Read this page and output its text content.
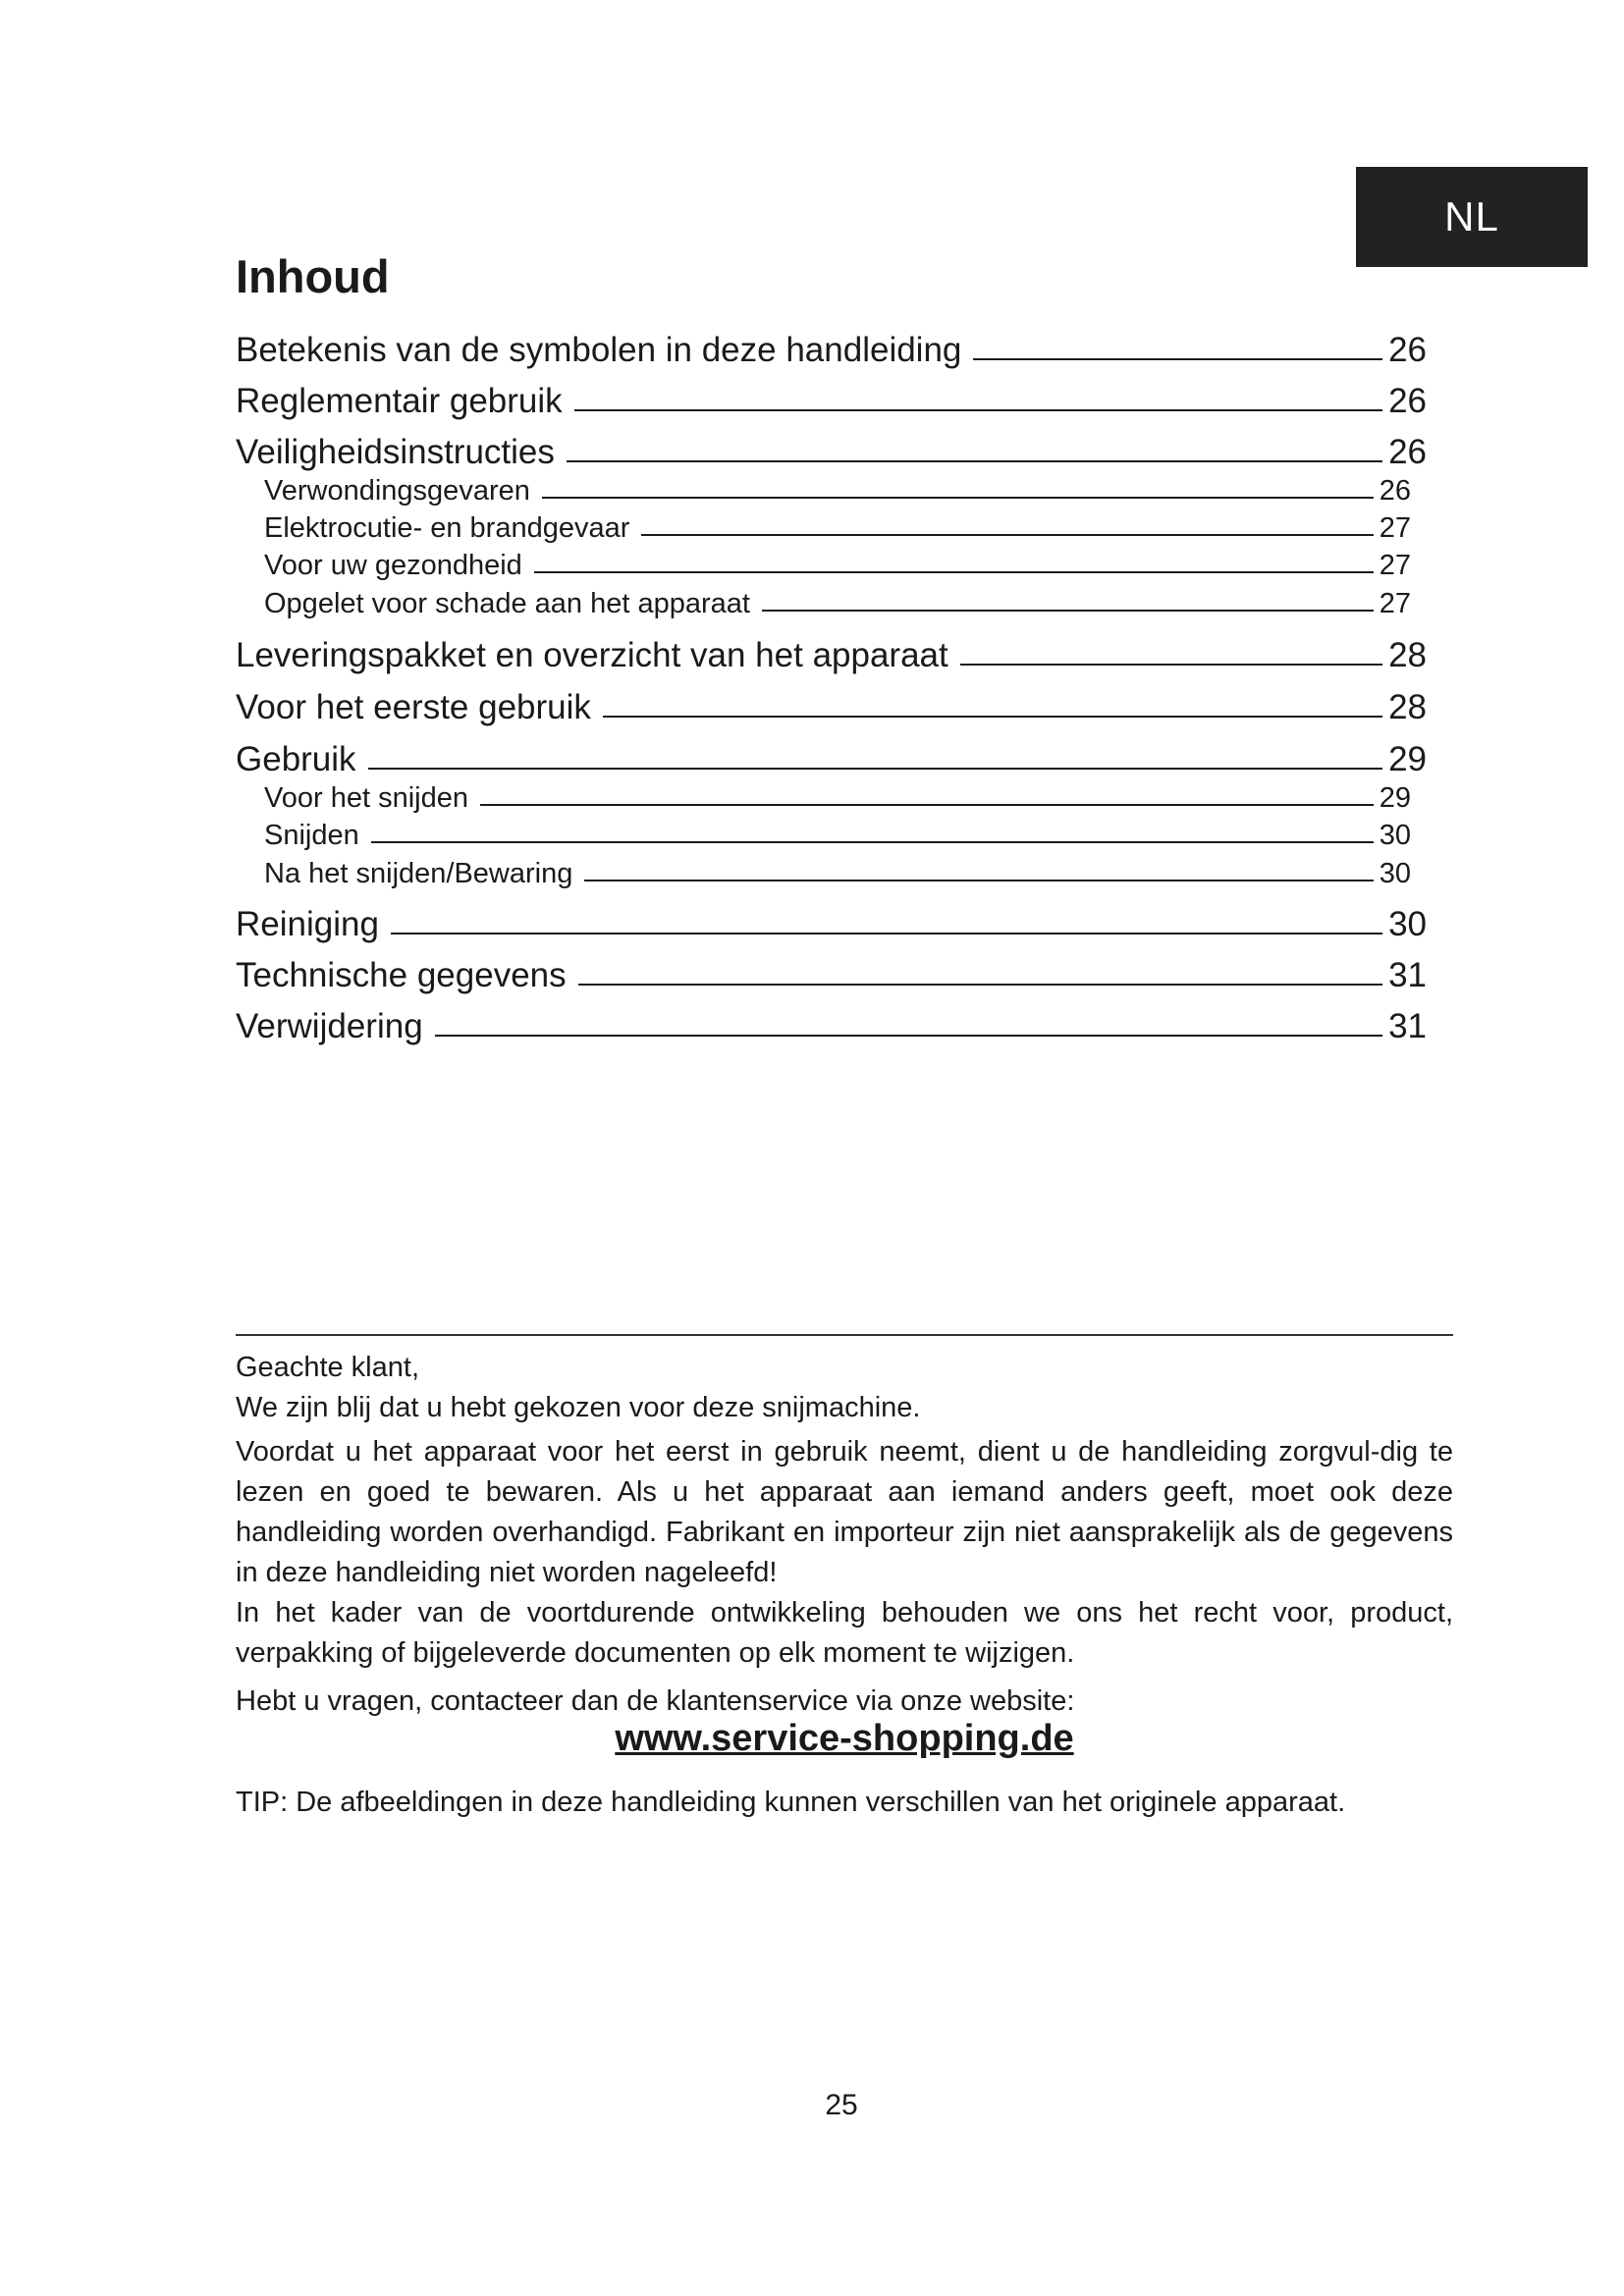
NL
Inhoud
Betekenis van de symbolen in deze handleiding	26
Reglementair gebruik	26
Veiligheidsinstructies	26
Verwondingsgevaren	26
Elektrocutie- en brandgevaar	27
Voor uw gezondheid	27
Opgelet voor schade aan het apparaat	27
Leveringspakket en overzicht van het apparaat	28
Voor het eerste gebruik	28
Gebruik	29
Voor het snijden	29
Snijden	30
Na het snijden/Bewaring	30
Reiniging	30
Technische gegevens	31
Verwijdering	31

Geachte klant,

We zijn blij dat u hebt gekozen voor deze snijmachine.

Voordat u het apparaat voor het eerst in gebruik neemt, dient u de handleiding zorgvul-dig te lezen en goed te bewaren. Als u het apparaat aan iemand anders geeft, moet ook deze handleiding worden overhandigd. Fabrikant en importeur zijn niet aansprakelijk als de gegevens in deze handleiding niet worden nageleefd!

In het kader van de voortdurende ontwikkeling behouden we ons het recht voor, product, verpakking of bijgeleverde documenten op elk moment te wijzigen.

Hebt u vragen, contacteer dan de klantenservice via onze website:

www.service-shopping.de
TIP: De afbeeldingen in deze handleiding kunnen verschillen van het originele apparaat.
25
